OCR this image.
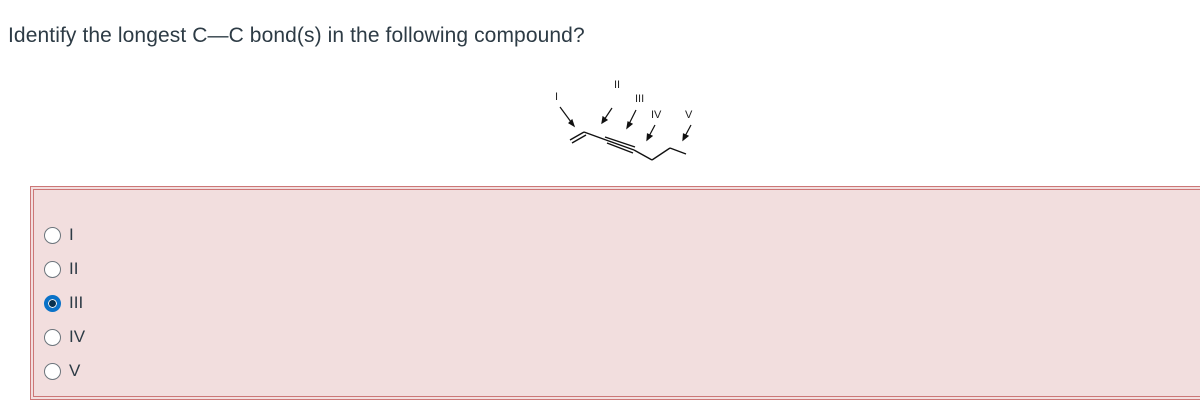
Identify the longest C—C bond(s) in the following compound?
I
II
III
IV V
I
II
III
IV
V
